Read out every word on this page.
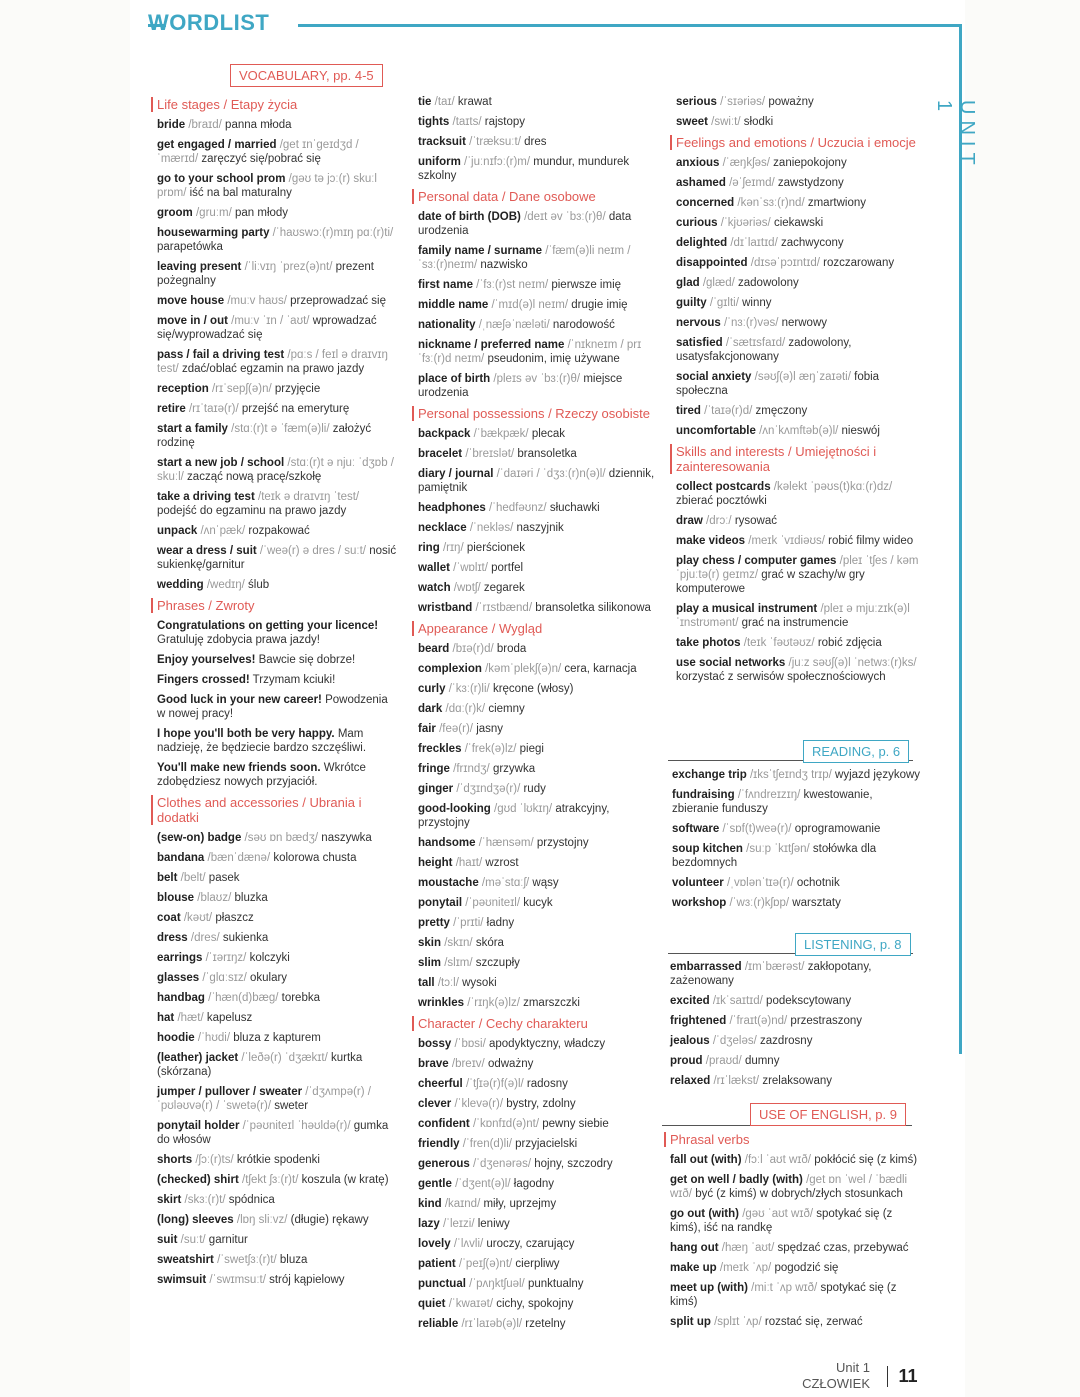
WORDLIST
UNIT 1
VOCABULARY, pp. 4-5
Life stages / Etapy życia
bride /braɪd/ panna młoda
get engaged / married /ɡet ɪnˈɡeɪdʒd / ˈmærɪd/ zaręczyć się/pobrać się
go to your school prom /ɡəʊ tə jɔː(r) skuːl prɒm/ iść na bal maturalny
groom /ɡruːm/ pan młody
housewarming party /ˈhaʊswɔː(r)mɪŋ pɑː(r)ti/ parapetówka
leaving present /ˈliːvɪŋ ˈprez(ə)nt/ prezent pożegnalny
move house /muːv haʊs/ przeprowadzać się
move in / out /muːv ˈɪn / ˈaʊt/ wprowadzać się/wyprowadzać się
pass / fail a driving test /pɑːs / feɪl ə draɪvɪŋ test/ zdać/oblać egzamin na prawo jazdy
reception /rɪˈsepʃ(ə)n/ przyjęcie
retire /rɪˈtaɪə(r)/ przejść na emeryturę
start a family /stɑː(r)t ə ˈfæm(ə)li/ założyć rodzinę
start a new job / school /stɑː(r)t ə njuː ˈdʒɒb / skuːl/ zacząć nową pracę/szkołę
take a driving test /teɪk ə draɪvɪŋ ˈtest/ podejść do egzaminu na prawo jazdy
unpack /ʌnˈpæk/ rozpakować
wear a dress / suit /ˈweə(r) ə dres / suːt/ nosić sukienkę/garnitur
wedding /wedɪŋ/ ślub
Phrases / Zwroty
Congratulations on getting your licence! Gratuluję zdobycia prawa jazdy!
Enjoy yourselves! Bawcie się dobrze!
Fingers crossed! Trzymam kciuki!
Good luck in your new career! Powodzenia w nowej pracy!
I hope you'll both be very happy. Mam nadzieję, że będziecie bardzo szczęśliwi.
You'll make new friends soon. Wkrótce zdobędziesz nowych przyjaciół.
Clothes and accessories / Ubrania i dodatki
(sew-on) badge /səʊ ɒn bædʒ/ naszywka
bandana /bænˈdænə/ kolorowa chusta
belt /belt/ pasek
blouse /blaʊz/ bluzka
coat /kəʊt/ płaszcz
dress /dres/ sukienka
earrings /ˈɪərɪŋz/ kolczyki
glasses /ˈɡlɑːsɪz/ okulary
handbag /ˈhæn(d)bæɡ/ torebka
hat /hæt/ kapelusz
hoodie /ˈhʊdi/ bluza z kapturem
(leather) jacket /ˈleðə(r) ˈdʒækɪt/ kurtka (skórzana)
jumper / pullover / sweater /ˈdʒʌmpə(r) / ˈpʊləʊvə(r) / ˈswetə(r)/ sweter
ponytail holder /ˈpəʊniteɪl ˈhəʊldə(r)/ gumka do włosów
shorts /ʃɔː(r)ts/ krótkie spodenki
(checked) shirt /tʃekt ʃɜː(r)t/ koszula (w kratę)
skirt /skɜː(r)t/ spódnica
(long) sleeves /lɒŋ sliːvz/ (długie) rękawy
suit /suːt/ garnitur
sweatshirt /ˈswetʃɜː(r)t/ bluza
swimsuit /ˈswɪmsuːt/ strój kąpielowy
tie /taɪ/ krawat
tights /taɪts/ rajstopy
tracksuit /ˈtræksuːt/ dres
uniform /ˈjuːnɪfɔː(r)m/ mundur, mundurek szkolny
Personal data / Dane osobowe
date of birth (DOB) /deɪt əv ˈbɜː(r)θ/ data urodzenia
family name / surname /ˈfæm(ə)li neɪm / ˈsɜː(r)neɪm/ nazwisko
first name /ˈfɜː(r)st neɪm/ pierwsze imię
middle name /ˈmɪd(ə)l neɪm/ drugie imię
nationality /ˌnæʃəˈnæləti/ narodowość
nickname / preferred name /ˈnɪkneɪm / prɪˈfɜː(r)d neɪm/ pseudonim, imię używane
place of birth /pleɪs əv ˈbɜː(r)θ/ miejsce urodzenia
Personal possessions / Rzeczy osobiste
backpack /ˈbækpæk/ plecak
bracelet /ˈbreɪslət/ bransoletka
diary / journal /ˈdaɪəri / ˈdʒɜː(r)n(ə)l/ dziennik, pamiętnik
headphones /ˈhedfəʊnz/ słuchawki
necklace /ˈnekləs/ naszyjnik
ring /rɪŋ/ pierścionek
wallet /ˈwɒlɪt/ portfel
watch /wɒtʃ/ zegarek
wristband /ˈrɪstbænd/ bransoletka silikonowa
Appearance / Wygląd
beard /bɪə(r)d/ broda
complexion /kəmˈplekʃ(ə)n/ cera, karnacja
curly /ˈkɜː(r)li/ kręcone (włosy)
dark /dɑː(r)k/ ciemny
fair /feə(r)/ jasny
freckles /ˈfrek(ə)lz/ piegi
fringe /frɪndʒ/ grzywka
ginger /ˈdʒɪndʒə(r)/ rudy
good-looking /ɡʊd ˈlʊkɪŋ/ atrakcyjny, przystojny
handsome /ˈhænsəm/ przystojny
height /haɪt/ wzrost
moustache /məˈstɑːʃ/ wąsy
ponytail /ˈpəʊniteɪl/ kucyk
pretty /ˈprɪti/ ładny
skin /skɪn/ skóra
slim /slɪm/ szczupły
tall /tɔːl/ wysoki
wrinkles /ˈrɪŋk(ə)lz/ zmarszczki
Character / Cechy charakteru
bossy /ˈbɒsi/ apodyktyczny, władczy
brave /breɪv/ odważny
cheerful /ˈtʃɪə(r)f(ə)l/ radosny
clever /ˈklevə(r)/ bystry, zdolny
confident /ˈkɒnfɪd(ə)nt/ pewny siebie
friendly /ˈfren(d)li/ przyjacielski
generous /ˈdʒenərəs/ hojny, szczodry
gentle /ˈdʒent(ə)l/ łagodny
kind /kaɪnd/ miły, uprzejmy
lazy /ˈleɪzi/ leniwy
lovely /ˈlʌvli/ uroczy, czarujący
patient /ˈpeɪʃ(ə)nt/ cierpliwy
punctual /ˈpʌŋktʃuəl/ punktualny
quiet /ˈkwaɪət/ cichy, spokojny
reliable /rɪˈlaɪəb(ə)l/ rzetelny
serious /ˈsɪəriəs/ poważny
sweet /swiːt/ słodki
Feelings and emotions / Uczucia i emocje
anxious /ˈæŋkʃəs/ zaniepokojony
ashamed /əˈʃeɪmd/ zawstydzony
concerned /kənˈsɜː(r)nd/ zmartwiony
curious /ˈkjʊəriəs/ ciekawski
delighted /dɪˈlaɪtɪd/ zachwycony
disappointed /dɪsəˈpɔɪntɪd/ rozczarowany
glad /ɡlæd/ zadowolony
guilty /ˈɡɪlti/ winny
nervous /ˈnɜː(r)vəs/ nerwowy
satisfied /ˈsætɪsfaɪd/ zadowolony, usatysfakcjonowany
social anxiety /səʊʃ(ə)l æŋˈzaɪəti/ fobia społeczna
tired /ˈtaɪə(r)d/ zmęczony
uncomfortable /ʌnˈkʌmftəb(ə)l/ nieswój
Skills and interests / Umiejętności i zainteresowania
collect postcards /kəlekt ˈpəʊs(t)kɑː(r)dz/ zbierać pocztówki
draw /drɔː/ rysować
make videos /meɪk ˈvɪdiəʊs/ robić filmy wideo
play chess / computer games /pleɪ ˈtʃes / kəmˈpjuːtə(r) ɡeɪmz/ grać w szachy/w gry komputerowe
play a musical instrument /pleɪ ə mjuːzɪk(ə)l ˈɪnstrʊmənt/ grać na instrumencie
take photos /teɪk ˈfəʊtəʊz/ robić zdjęcia
use social networks /juːz səʊʃ(ə)l ˈnetwɜː(r)ks/ korzystać z serwisów społecznościowych
READING, p. 6
exchange trip /ɪksˈtʃeɪndʒ trɪp/ wyjazd językowy
fundraising /ˈfʌndreɪzɪŋ/ kwestowanie, zbieranie funduszy
software /ˈsɒf(t)weə(r)/ oprogramowanie
soup kitchen /suːp ˈkɪtʃən/ stołówka dla bezdomnych
volunteer /ˌvɒlənˈtɪə(r)/ ochotnik
workshop /ˈwɜː(r)kʃɒp/ warsztaty
LISTENING, p. 8
embarrassed /ɪmˈbærəst/ zakłopotany, zażenowany
excited /ɪkˈsaɪtɪd/ podekscytowany
frightened /ˈfraɪt(ə)nd/ przestraszony
jealous /ˈdʒeləs/ zazdrosny
proud /praʊd/ dumny
relaxed /rɪˈlækst/ zrelaksowany
USE OF ENGLISH, p. 9
Phrasal verbs
fall out (with) /fɔːl ˈaʊt wɪð/ pokłócić się (z kimś)
get on well / badly (with) /ɡet ɒn ˈwel / ˈbædli wɪð/ być (z kimś) w dobrych/złych stosunkach
go out (with) /ɡəʊ ˈaʊt wɪð/ spotykać się (z kimś), iść na randkę
hang out /hæŋ ˈaʊt/ spędzać czas, przebywać
make up /meɪk ˈʌp/ pogodzić się
meet up (with) /miːt ˈʌp wɪð/ spotykać się (z kimś)
split up /splɪt ˈʌp/ rozstać się, zerwać
Unit 1
CZŁOWIEK	11
